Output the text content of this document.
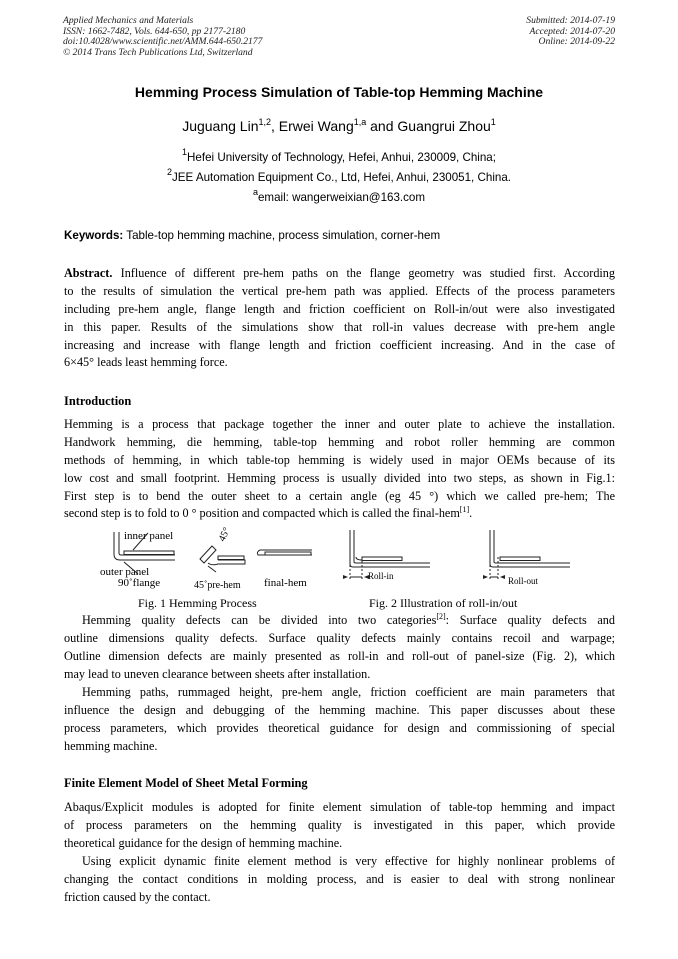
Applied Mechanics and Materials
ISSN: 1662-7482, Vols. 644-650, pp 2177-2180
doi:10.4028/www.scientific.net/AMM.644-650.2177
© 2014 Trans Tech Publications Ltd, Switzerland
Submitted: 2014-07-19
Accepted: 2014-07-20
Online: 2014-09-22
Hemming Process Simulation of Table-top Hemming Machine
Juguang Lin$^{1,2}$, Erwei Wang$^{1,a}$ and Guangrui Zhou$^1$
$^1$Hefei University of Technology, Hefei, Anhui, 230009, China;
$^2$JEE Automation Equipment Co., Ltd, Hefei, Anhui, 230051, China.
$^a$email: wangerweixian@163.com
Keywords: Table-top hemming machine, process simulation, corner-hem
Abstract. Influence of different pre-hem paths on the flange geometry was studied first. According
to the results of simulation the vertical pre-hem path was applied. Effects of the process parameters
including pre-hem angle, flange length and friction coefficient on Roll-in/out were also investigated
in this paper. Results of the simulations show that roll-in values decrease with pre-hem angle
increasing and increase with flange length and friction coefficient increasing. And in the case of
6×45° leads least hemming force.
Introduction
Hemming is a process that package together the inner and outer plate to achieve the installation.
Handwork hemming, die hemming, table-top hemming and robot roller hemming are common
methods of hemming, in which table-top hemming is widely used in major OEMs because of its
low cost and small footprint. Hemming process is usually divided into two steps, as shown in Fig.1:
First step is to bend the outer sheet to a certain angle (eg 45 °) which we called pre-hem; The
second step is to fold to 0 ° position and compacted which is called the final-hem[1].
inner panel
outer panel
90˚flange
45°
45˚pre-hem final-hem
Roll-in	Roll-out
Fig. 1 Hemming Process	Fig. 2 Illustration of roll-in/out
Hemming quality defects can be divided into two categories[2]: Surface quality defects and
outline dimensions quality defects. Surface quality defects mainly contains recoil and warpage;
Outline dimension defects are mainly presented as roll-in and roll-out of panel-size (Fig. 2), which
may lead to uneven clearance between sheets after installation.
Hemming paths, rummaged height, pre-hem angle, friction coefficient are main parameters that
influence the design and debugging of the hemming machine. This paper discusses about these
process parameters, which provides theoretical guidance for design and commissioning of special
hemming machine.
Finite Element Model of Sheet Metal Forming
Abaqus/Explicit modules is adopted for finite element simulation of table-top hemming and impact
of process parameters on the hemming quality is investigated in this paper, which provide
theoretical guidance for the design of hemming machine.
Using explicit dynamic finite element method is very effective for highly nonlinear problems of
changing the contact conditions in molding process, and is easier to deal with strong nonlinear
friction caused by the contact.
